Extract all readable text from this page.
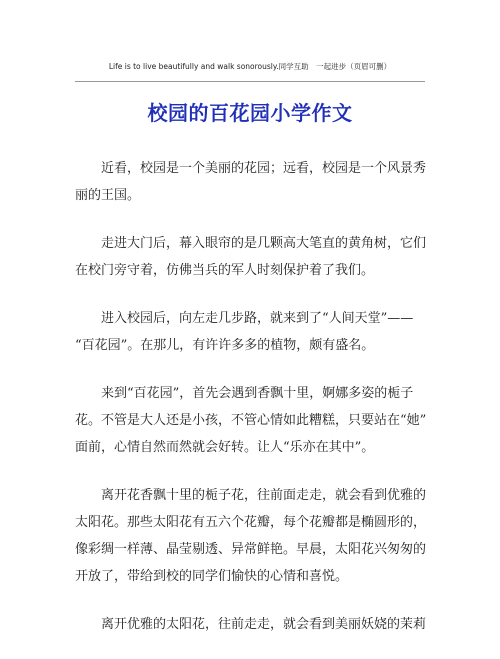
Life is to live beautifully and walk sonorously.同学互助　一起进步（页眉可删）
校园的百花园小学作文

近看，校园是一个美丽的花园；远看，校园是一个风景秀
丽的王国。

走进大门后，幕入眼帘的是几颗高大笔直的黄角树，它们
在校门旁守着，仿佛当兵的军人时刻保护着了我们。

进入校园后，向左走几步路，就来到了“人间天堂”——
“百花园”。在那儿，有许许多多的植物，颇有盛名。

来到“百花园”，首先会遇到香飘十里，婀娜多姿的栀子
花。不管是大人还是小孩，不管心情如此糟糕，只要站在“她”
面前，心情自然而然就会好转。让人“乐亦在其中”。

离开花香飘十里的栀子花，往前面走走，就会看到优雅的
太阳花。那些太阳花有五六个花瓣，每个花瓣都是椭圆形的，
像彩绸一样薄、晶莹剔透、异常鲜艳。早晨，太阳花兴匆匆的
开放了，带给到校的同学们愉快的心情和喜悦。

离开优雅的太阳花，往前走走，就会看到美丽妖娆的茉莉
